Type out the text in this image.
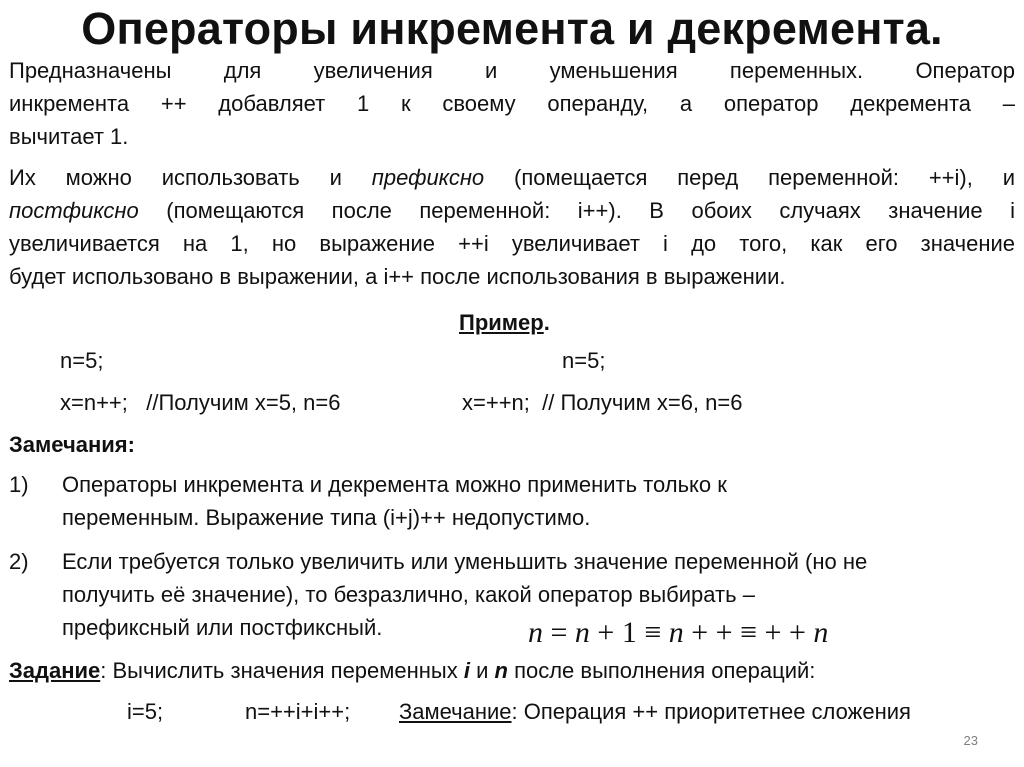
Операторы инкремента и декремента.
Предназначены для увеличения и уменьшения переменных. Оператор
инкремента ++ добавляет 1 к своему операнду, а оператор декремента –
вычитает 1.
Их можно использовать и префиксно (помещается перед переменной: ++i), и
постфиксно (помещаются после переменной: i++). В обоих случаях значение i
увеличивается на 1, но выражение ++i увеличивает i до того, как его значение
будет использовано в выражении, а i++ после использования в выражении.
Пример.
n=5;	n=5;
x=n++;   //Получим x=5, n=6	x=++n;  // Получим x=6, n=6
Замечания:
1) Операторы инкремента и декремента можно применить только к
переменным. Выражение типа (i+j)++ недопустимо.
2) Если требуется только увеличить или уменьшить значение переменной (но не
получить её значение), то безразлично, какой оператор выбирать –
префиксный или постфиксный.	n = n + 1 ≡ n + + ≡ + + n
Задание: Вычислить значения переменных i и n после выполнения операций:
i=5;	n=++i+i++; Замечание: Операция ++ приоритетнее сложения
23
